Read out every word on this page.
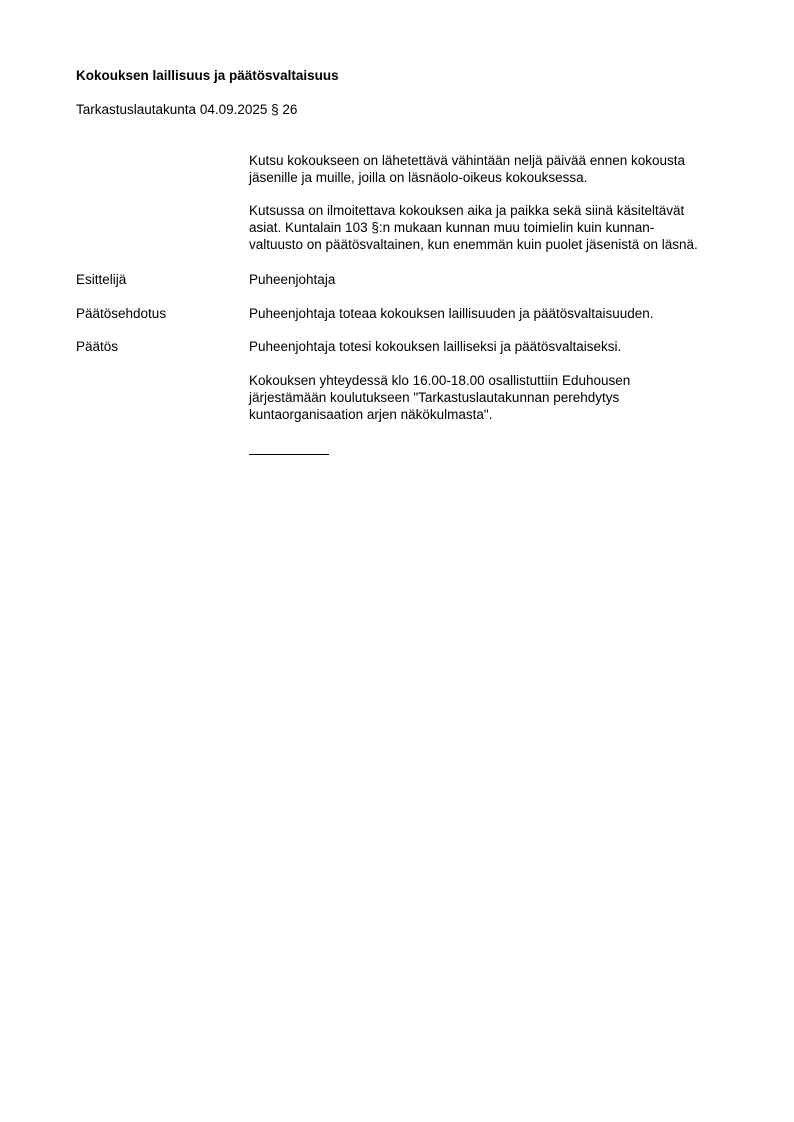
Kokouksen laillisuus ja päätösvaltaisuus
Tarkastuslautakunta 04.09.2025 § 26
Kutsu kokoukseen on lähetettävä vähintään neljä päivää ennen kokousta
jäsenille ja muille, joilla on läsnäolo-oikeus kokouksessa.
Kutsussa on ilmoitettava kokouksen aika ja paikka sekä siinä käsiteltävät
asiat. Kuntalain 103 §:n mukaan kunnan muu toimielin kuin kunnan-
valtuusto on päätösvaltainen, kun enemmän kuin puolet jäsenistä on läsnä.
Esittelijä	Puheenjohtaja
Päätösehdotus	Puheenjohtaja toteaa kokouksen laillisuuden ja päätösvaltaisuuden.
Päätös	Puheenjohtaja totesi kokouksen lailliseksi ja päätösvaltaiseksi.
Kokouksen yhteydessä klo 16.00-18.00 osallistuttiin Eduhousen
järjestämään koulutukseen "Tarkastuslautakunnan perehdytys
kuntaorganisaation arjen näkökulmasta".
